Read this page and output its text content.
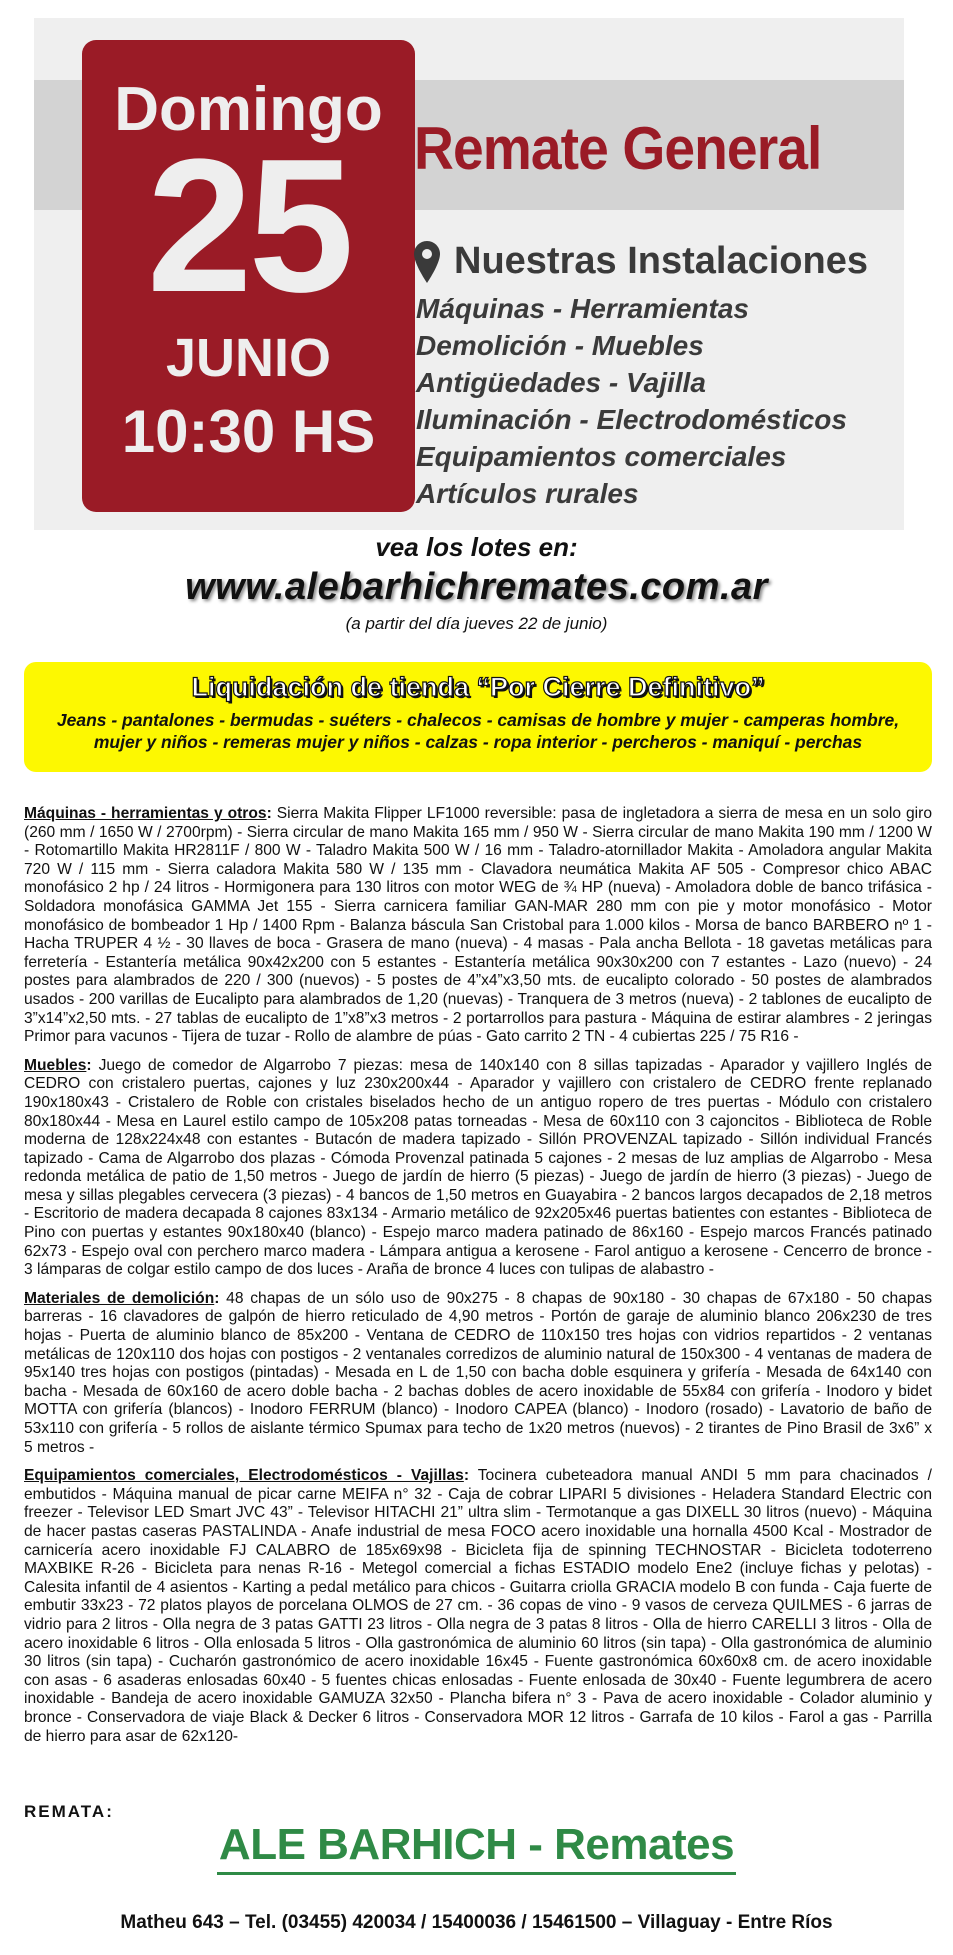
Domingo
25
JUNIO
10:30 HS
Remate General
Nuestras Instalaciones
Máquinas - Herramientas
Demolición - Muebles
Antigüedades - Vajilla
Iluminación - Electrodomésticos
Equipamientos comerciales
Artículos rurales
vea los lotes en:
www.alebarhichremates.com.ar
(a partir del día jueves 22 de junio)
Liquidación de tienda “Por Cierre Definitivo”
Jeans - pantalones - bermudas - suéters - chalecos - camisas de hombre y mujer - camperas hombre, mujer y niños - remeras mujer y niños - calzas - ropa interior - percheros - maniquí - perchas

Máquinas - herramientas y otros: Sierra Makita Flipper LF1000 reversible: pasa de ingletadora a sierra de mesa en un solo giro (260 mm / 1650 W / 2700rpm) - Sierra circular de mano Makita 165 mm / 950 W - Sierra circular de mano Makita 190 mm / 1200 W - Rotomartillo Makita HR2811F / 800 W - Taladro Makita 500 W / 16 mm - Taladro-atornillador Makita - Amoladora angular Makita 720 W / 115 mm - Sierra caladora Makita 580 W / 135 mm - Clavadora neumática Makita AF 505 - Compresor chico ABAC monofásico 2 hp / 24 litros - Hormigonera para 130 litros con motor WEG de ¾ HP (nueva) - Amoladora doble de banco trifásica - Soldadora monofásica GAMMA Jet 155 - Sierra carnicera familiar GAN-MAR 280 mm con pie y motor monofásico - Motor monofásico de bombeador 1 Hp / 1400 Rpm - Balanza báscula San Cristobal para 1.000 kilos - Morsa de banco BARBERO nº 1 - Hacha TRUPER 4 ½ - 30 llaves de boca - Grasera de mano (nueva) - 4 masas - Pala ancha Bellota - 18 gavetas metálicas para ferretería - Estantería metálica 90x42x200 con 5 estantes - Estantería metálica 90x30x200 con 7 estantes - Lazo (nuevo) - 24 postes para alambrados de 220 / 300 (nuevos) - 5 postes de 4”x4”x3,50 mts. de eucalipto colorado - 50 postes de alambrados usados - 200 varillas de Eucalipto para alambrados de 1,20 (nuevas) - Tranquera de 3 metros (nueva) - 2 tablones de eucalipto de 3”x14”x2,50 mts. - 27 tablas de eucalipto de 1”x8”x3 metros - 2 portarrollos para pastura - Máquina de estirar alambres - 2 jeringas Primor para vacunos - Tijera de tuzar - Rollo de alambre de púas - Gato carrito 2 TN - 4 cubiertas 225 / 75 R16 -

Muebles: Juego de comedor de Algarrobo 7 piezas: mesa de 140x140 con 8 sillas tapizadas - Aparador y vajillero Inglés de CEDRO con cristalero puertas, cajones y luz 230x200x44 - Aparador y vajillero con cristalero de CEDRO frente replanado 190x180x43 - Cristalero de Roble con cristales biselados hecho de un antiguo ropero de tres puertas - Módulo con cristalero 80x180x44 - Mesa en Laurel estilo campo de 105x208 patas torneadas - Mesa de 60x110 con 3 cajoncitos - Biblioteca de Roble moderna de 128x224x48 con estantes - Butacón de madera tapizado - Sillón PROVENZAL tapizado - Sillón individual Francés tapizado - Cama de Algarrobo dos plazas - Cómoda Provenzal patinada 5 cajones - 2 mesas de luz amplias de Algarrobo - Mesa redonda metálica de patio de 1,50 metros - Juego de jardín de hierro (5 piezas) - Juego de jardín de hierro (3 piezas) - Juego de mesa y sillas plegables cervecera (3 piezas) - 4 bancos de 1,50 metros en Guayabira - 2 bancos largos decapados de 2,18 metros - Escritorio de madera decapada 8 cajones 83x134 - Armario metálico de 92x205x46 puertas batientes con estantes - Biblioteca de Pino con puertas y estantes 90x180x40 (blanco) - Espejo marco madera patinado de 86x160 - Espejo marcos Francés patinado 62x73 - Espejo oval con perchero marco madera - Lámpara antigua a kerosene - Farol antiguo a kerosene - Cencerro de bronce - 3 lámparas de colgar estilo campo de dos luces - Araña de bronce 4 luces con tulipas de alabastro -

Materiales de demolición: 48 chapas de un sólo uso de 90x275 - 8 chapas de 90x180 - 30 chapas de 67x180 - 50 chapas barreras - 16 clavadores de galpón de hierro reticulado de 4,90 metros - Portón de garaje de aluminio blanco 206x230 de tres hojas - Puerta de aluminio blanco de 85x200 - Ventana de CEDRO de 110x150 tres hojas con vidrios repartidos - 2 ventanas metálicas de 120x110 dos hojas con postigos - 2 ventanales corredizos de aluminio natural de 150x300 - 4 ventanas de madera de 95x140 tres hojas con postigos (pintadas) - Mesada en L de 1,50 con bacha doble esquinera y grifería - Mesada de 64x140 con bacha - Mesada de 60x160 de acero doble bacha - 2 bachas dobles de acero inoxidable de 55x84 con grifería - Inodoro y bidet MOTTA con grifería (blancos) - Inodoro FERRUM (blanco) - Inodoro CAPEA (blanco) - Inodoro (rosado) - Lavatorio de baño de 53x110 con grifería - 5 rollos de aislante térmico Spumax para techo de 1x20 metros (nuevos) - 2 tirantes de Pino Brasil de 3x6” x 5 metros -

Equipamientos comerciales, Electrodomésticos - Vajillas: Tocinera cubeteadora manual ANDI 5 mm para chacinados / embutidos - Máquina manual de picar carne MEIFA n° 32 - Caja de cobrar LIPARI 5 divisiones - Heladera Standard Electric con freezer - Televisor LED Smart JVC 43” - Televisor HITACHI 21” ultra slim - Termotanque a gas DIXELL 30 litros (nuevo) - Máquina de hacer pastas caseras PASTALINDA - Anafe industrial de mesa FOCO acero inoxidable una hornalla 4500 Kcal - Mostrador de carnicería acero inoxidable FJ CALABRO de 185x69x98 - Bicicleta fija de spinning TECHNOSTAR - Bicicleta todoterreno MAXBIKE R-26 - Bicicleta para nenas R-16 - Metegol comercial a fichas ESTADIO modelo Ene2 (incluye fichas y pelotas) - Calesita infantil de 4 asientos - Karting a pedal metálico para chicos - Guitarra criolla GRACIA modelo B con funda - Caja fuerte de embutir 33x23 - 72 platos playos de porcelana OLMOS de 27 cm. - 36 copas de vino - 9 vasos de cerveza QUILMES - 6 jarras de vidrio para 2 litros - Olla negra de 3 patas GATTI 23 litros - Olla negra de 3 patas 8 litros - Olla de hierro CARELLI 3 litros - Olla de acero inoxidable 6 litros - Olla enlosada 5 litros - Olla gastronómica de aluminio 60 litros (sin tapa) - Olla gastronómica de aluminio 30 litros (sin tapa) - Cucharón gastronómico de acero inoxidable 16x45 - Fuente gastronómica 60x60x8 cm. de acero inoxidable con asas - 6 asaderas enlosadas 60x40 - 5 fuentes chicas enlosadas - Fuente enlosada de 30x40 - Fuente legumbrera de acero inoxidable - Bandeja de acero inoxidable GAMUZA 32x50 - Plancha bifera n° 3 - Pava de acero inoxidable - Colador aluminio y bronce - Conservadora de viaje Black & Decker 6 litros - Conservadora MOR 12 litros - Garrafa de 10 kilos - Farol a gas - Parrilla de hierro para asar de 62x120-

REMATA:
ALE BARHICH - Remates
Matheu 643 – Tel. (03455) 420034 / 15400036 / 15461500 – Villaguay - Entre Ríos
